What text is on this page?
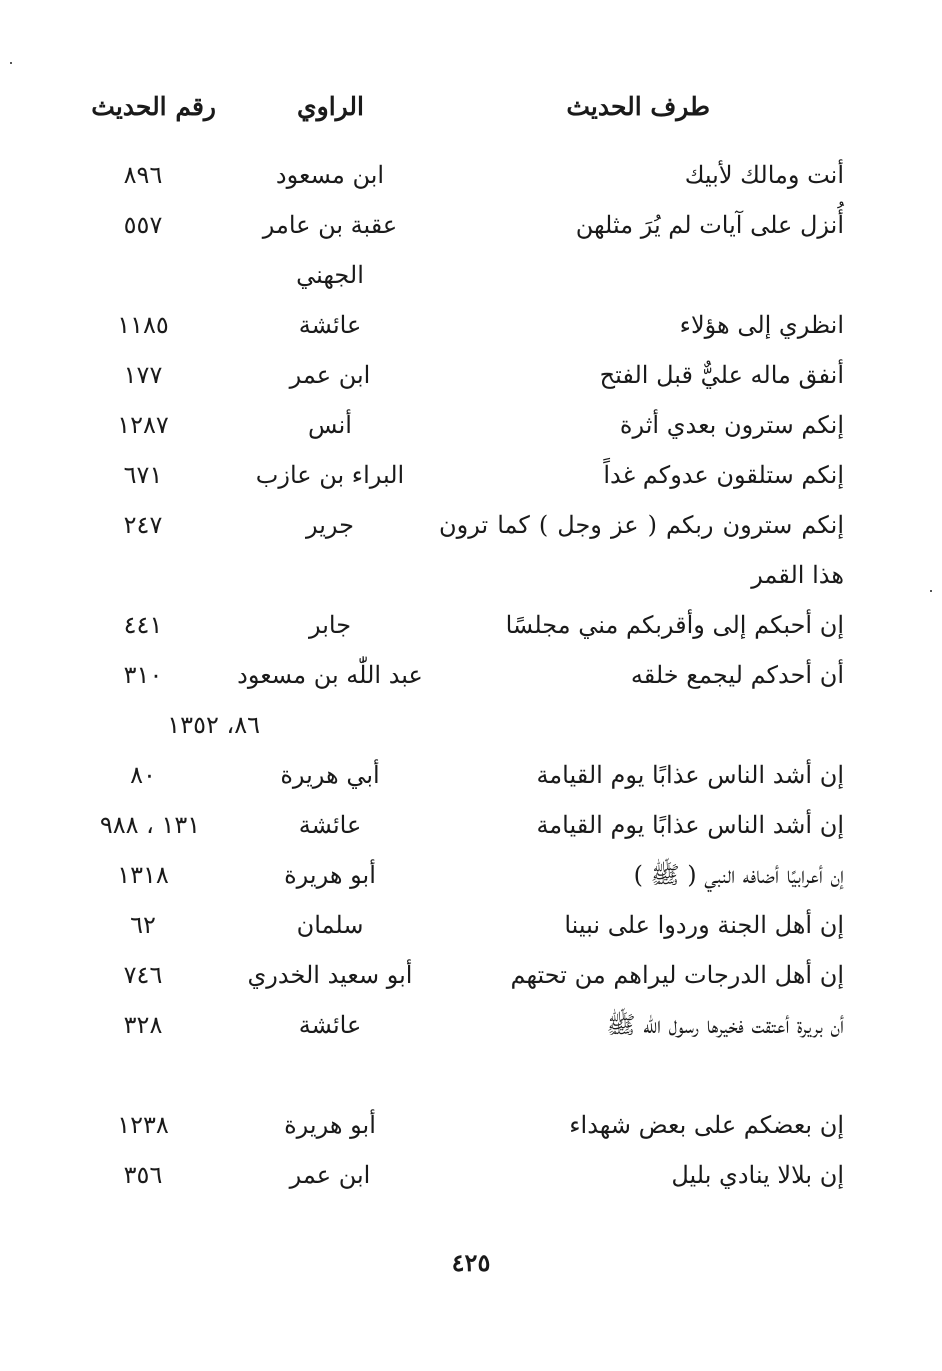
طرف الحديث
الراوي
رقم الحديث
أنت ومالك لأبيك
ابن مسعود
٨٩٦
أُنزل على آيات لم يُرَ مثلهن
عقبة بن عامر الجهني
٥٥٧
انظري إلى هؤلاء
عائشة
١١٨٥
أنفق ماله عليٌّ قبل الفتح
ابن عمر
١٧٧
إنكم سترون بعدي أثرة
أنس
١٢٨٧
إنكم ستلقون عدوكم غداً
البراء بن عازب
٦٧١
إنكم سترون ربكم ( عز وجل ) كما ترون هذا القمر
جرير
٢٤٧
إن أحبكم إلى وأقربكم مني مجلسًا
جابر
٤٤١
أن أحدكم ليجمع خلقه
عبد اللّٰه بن مسعود
٣١٠
٨٦، ١٣٥٢
إن أشد الناس عذابًا يوم القيامة
أبي هريرة
٨٠
إن أشد الناس عذابًا يوم القيامة
عائشة
١٣١ ، ٩٨٨
إن أعرابيًا أضافه النبي ( ﷺ )
أبو هريرة
١٣١٨
إن أهل الجنة وردوا على نبينا
سلمان
٦٢
إن أهل الدرجات ليراهم من تحتهم
أبو سعيد الخدري
٧٤٦
أن بريرة أعتقت فخيرها رسول اللّٰه ﷺ
عائشة
٣٢٨
إن بعضكم على بعض شهداء
أبو هريرة
١٢٣٨
إن بلالا ينادي بليل
ابن عمر
٣٥٦
٤٢٥
